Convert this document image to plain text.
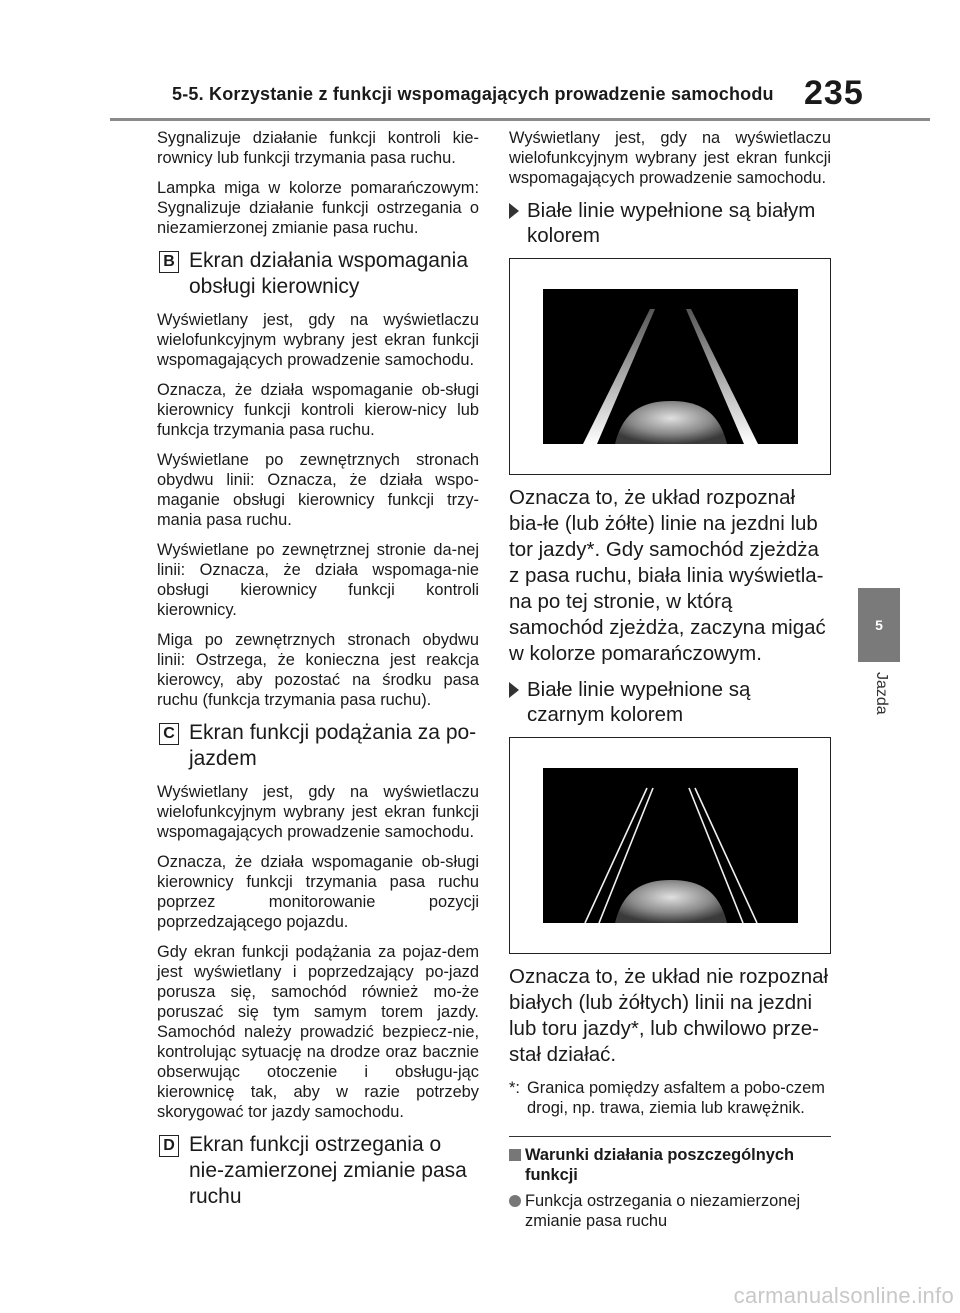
5-5. Korzystanie z funkcji wspomagających prowadzenie samochodu 235

Sygnalizuje działanie funkcji kontroli kie-rownicy lub funkcji trzymania pasa ruchu.

Lampka miga w kolorze pomarańczowym: Sygnalizuje działanie funkcji ostrzegania o niezamierzonej zmianie pasa ruchu.

B Ekran działania wspomagania obsługi kierownicy

Wyświetlany jest, gdy na wyświetlaczu wielofunkcyjnym wybrany jest ekran funkcji wspomagających prowadzenie samochodu.

Oznacza, że działa wspomaganie ob-sługi kierownicy funkcji kontroli kierow-nicy lub funkcja trzymania pasa ruchu.

Wyświetlane po zewnętrznych stronach obydwu linii: Oznacza, że działa wspo-maganie obsługi kierownicy funkcji trzy-mania pasa ruchu.

Wyświetlane po zewnętrznej stronie da-nej linii: Oznacza, że działa wspomaga-nie obsługi kierownicy funkcji kontroli kierownicy.

Miga po zewnętrznych stronach obydwu linii: Ostrzega, że konieczna jest reakcja kierowcy, aby pozostać na środku pasa ruchu (funkcja trzymania pasa ruchu).

C Ekran funkcji podążania za po-jazdem

Wyświetlany jest, gdy na wyświetlaczu wielofunkcyjnym wybrany jest ekran funkcji wspomagających prowadzenie samochodu.

Oznacza, że działa wspomaganie ob-sługi kierownicy funkcji trzymania pasa ruchu poprzez monitorowanie pozycji poprzedzającego pojazdu.

Gdy ekran funkcji podążania za pojaz-dem jest wyświetlany i poprzedzający po-jazd porusza się, samochód również mo-że poruszać się tym samym torem jazdy. Samochód należy prowadzić bezpiecz-nie, kontrolując sytuację na drodze oraz bacznie obserwując otoczenie i obsługu-jąc kierownicę tak, aby w razie potrzeby skorygować tor jazdy samochodu.

D Ekran funkcji ostrzegania o nie-zamierzonej zmianie pasa ruchu

Wyświetlany jest, gdy na wyświetlaczu wielofunkcyjnym wybrany jest ekran funkcji wspomagających prowadzenie samochodu.

Białe linie wypełnione są białym kolorem

Oznacza to, że układ rozpoznał bia-łe (lub żółte) linie na jezdni lub tor jazdy*. Gdy samochód zjeżdża z pasa ruchu, biała linia wyświetla-na po tej stronie, w którą samochód zjeżdża, zaczyna migać w kolorze pomarańczowym.

Białe linie wypełnione są czarnym kolorem

Oznacza to, że układ nie rozpoznał białych (lub żółtych) linii na jezdni lub toru jazdy*, lub chwilowo prze-stał działać.

*: Granica pomiędzy asfaltem a pobo-czem drogi, np. trawa, ziemia lub krawężnik.
Warunki działania poszczególnych funkcji
Funkcja ostrzegania o niezamierzonej zmianie pasa ruchu
5
Jazda
carmanualsonline.info
